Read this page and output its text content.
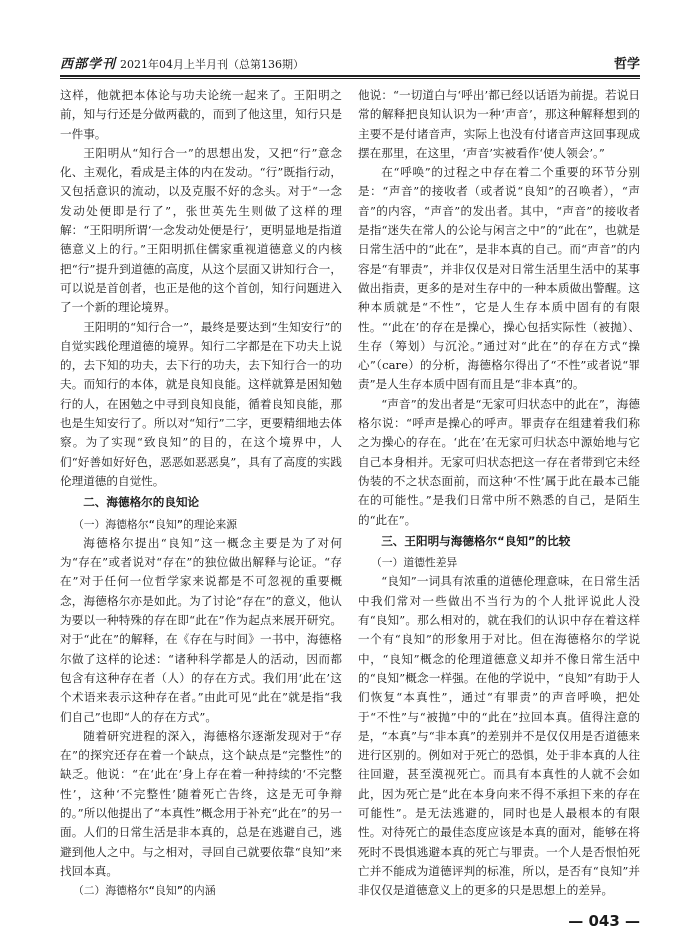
西部学刊 2021年04月上半月刊（总第136期）	哲学

这样，他就把本体论与功夫论统一起来了。王阳明之前，知与行还是分做两截的，而到了他这里，知行只是一件事。

王阳明从“知行合一”的思想出发，又把“行”意念化、主观化，看成是主体的内在发动。“行”既指行动，又包括意识的流动，以及克服不好的念头。对于“一念发动处便即是行了”，张世英先生则做了这样的理解：“王阳明所谓‘一念发动处便是行’，更明显地是指道德意义上的行。”王阳明抓住儒家重视道德意义的内核把“行”提升到道德的高度，从这个层面又讲知行合一，可以说是首创者，也正是他的这个首创，知行问题进入了一个新的理论境界。

王阳明的“知行合一”，最终是要达到“生知安行”的自觉实践伦理道德的境界。知行二字都是在下功夫上说的，去下知的功夫，去下行的功夫，去下知行合一的功夫。而知行的本体，就是良知良能。这样就算是困知勉行的人，在困勉之中寻到良知良能，循着良知良能，那也是生知安行了。所以对“知行”二字，更要精细地去体察。为了实现“致良知”的目的，在这个境界中，人们“好善如好好色，恶恶如恶恶臭”，具有了高度的实践伦理道德的自觉性。

二、海德格尔的良知论
（一）海德格尔“良知”的理论来源

海德格尔提出“良知”这一概念主要是为了对何为“存在”或者说对“存在”的独位做出解释与论证。“存在”对于任何一位哲学家来说都是不可忽视的重要概念，海德格尔亦是如此。为了讨论“存在”的意义，他认为要以一种特殊的存在即“此在”作为起点来展开研究。对于“此在”的解释，在《存在与时间》一书中，海德格尔做了这样的论述：“诸种科学都是人的活动，因而都包含有这种存在者（人）的存在方式。我们用‘此在’这个术语来表示这种存在者。”由此可见“此在”就是指“我们自己”也即“人的存在方式”。

随着研究进程的深入，海德格尔逐渐发现对于“存在”的探究还存在着一个缺点，这个缺点是“完整性”的缺乏。他说：“在‘此在’身上存在着一种持续的‘不完整性’，这种‘不完整性’随着死亡告终，这是无可争辩的。”所以他提出了“本真性”概念用于补充“此在”的另一面。人们的日常生活是非本真的，总是在逃避自己，逃避到他人之中。与之相对，寻回自己就要依靠“良知”来找回本真。

（二）海德格尔“良知”的内涵

他说：“一切道白与‘呼出’都已经以话语为前提。若说日常的解释把良知认识为一种‘声音’，那这种解释想到的主要不是付诸音声，实际上也没有付诸音声这回事现成摆在那里，在这里，‘声音’实被看作‘使人领会’。”

在“呼唤”的过程之中存在着二个重要的环节分别是：“声音”的接收者（或者说“良知”的召唤者），“声音”的内容，“声音”的发出者。其中，“声音”的接收者是指“迷失在常人的公论与闲言之中”的“此在”，也就是日常生活中的“此在”，是非本真的自己。而“声音”的内容是“有罪责”，并非仅仅是对日常生活里生活中的某事做出指责，更多的是对生存中的一种本质做出警醒。这种本质就是“不性”，它是人生存本质中固有的有限性。“‘此在’的存在是操心，操心包括实际性（被抛）、生存（筹划）与沉沦。”通过对“此在”的存在方式“操心”（care）的分析，海德格尔得出了“不性”或者说“罪责”是人生存本质中固有而且是“非本真”的。

“声音”的发出者是“无家可归状态中的此在”，海德格尔说：“呼声是操心的呼声。罪责存在组建着我们称之为操心的存在。‘此在’在无家可归状态中源始地与它自己本身相并。无家可归状态把这一存在者带到它未经伪装的不之状态面前，而这种‘不性’属于此在最本己能在的可能性。”是我们日常中所不熟悉的自己，是陌生的“此在”。

三、王阳明与海德格尔“良知”的比较
（一）道德性差异

“良知”一词具有浓重的道德伦理意味，在日常生活中我们常对一些做出不当行为的个人批评说此人没有“良知”。那么相对的，就在我们的认识中存在着这样一个有“良知”的形象用于对比。但在海德格尔的学说中，“良知”概念的伦理道德意义却并不像日常生活中的“良知”概念一样强。在他的学说中，“良知”有助于人们恢复“本真性”，通过“有罪责”的声音呼唤，把处于“不性”与“被抛”中的“此在”拉回本真。值得注意的是，“本真”与“非本真”的差别并不是仅仅用是否道德来进行区别的。例如对于死亡的恐惧，处于非本真的人往往回避，甚至漠视死亡。而具有本真性的人就不会如此，因为死亡是“此在本身向来不得不承担下来的存在可能性”。是无法逃避的，同时也是人最根本的有限性。对待死亡的最佳态度应该是本真的面对，能够在将死时不畏惧逃避本真的死亡与罪责。一个人是否恨怕死亡并不能成为道德评判的标准，所以，是否有“良知”并非仅仅是道德意义上的更多的只是思想上的差异。

— 043 —
